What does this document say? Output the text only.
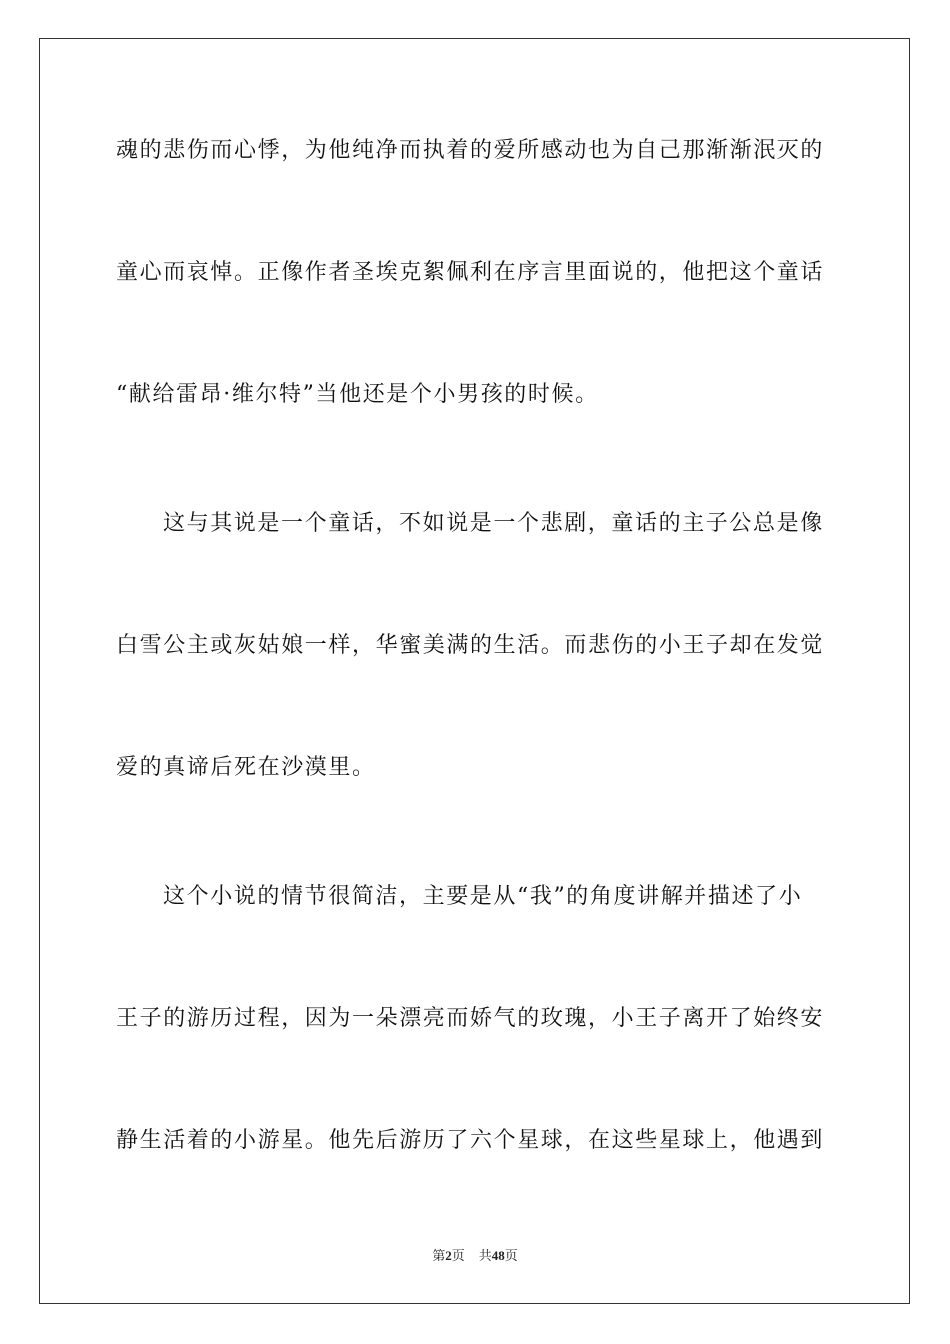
魂的悲伤而心悸，为他纯净而执着的爱所感动也为自己那渐渐泯灭的
童心而哀悼。正像作者圣埃克絮佩利在序言里面说的，他把这个童话
“献给雷昂·维尔特”当他还是个小男孩的时候。
这与其说是一个童话，不如说是一个悲剧，童话的主子公总是像
白雪公主或灰姑娘一样，华蜜美满的生活。而悲伤的小王子却在发觉
爱的真谛后死在沙漠里。
这个小说的情节很简洁，主要是从“我”的角度讲解并描述了小
王子的游历过程，因为一朵漂亮而娇气的玫瑰，小王子离开了始终安
静生活着的小游星。他先后游历了六个星球，在这些星球上，他遇到
第2页 共48页
